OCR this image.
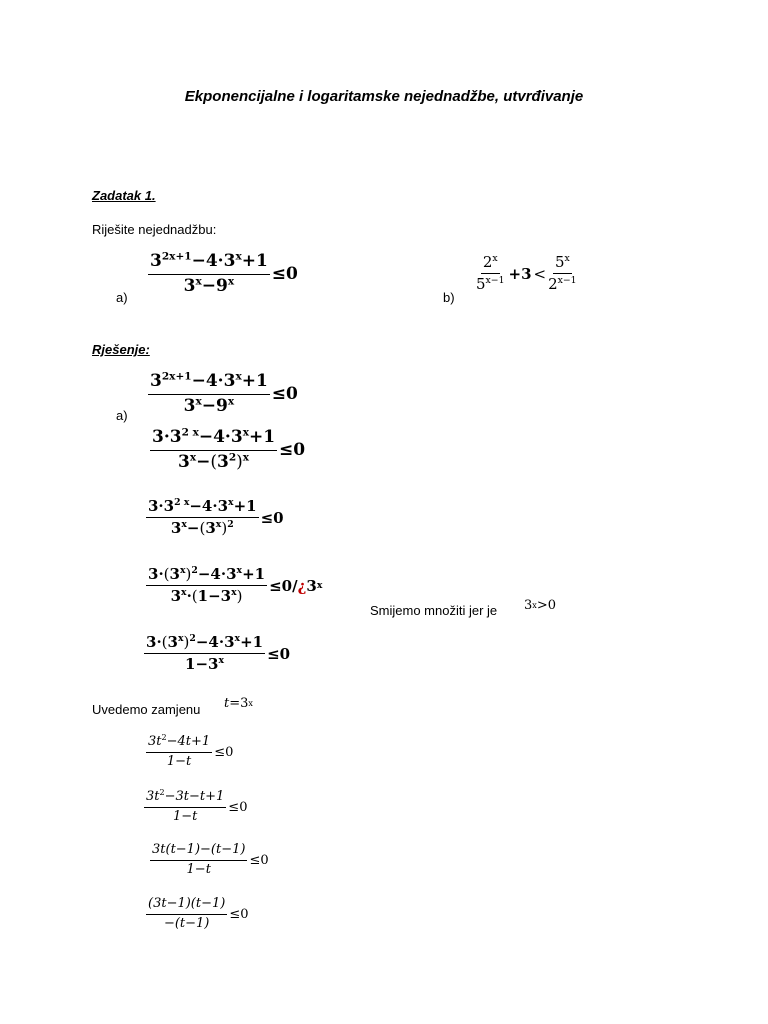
Ekponencijalne i logaritamske nejednadžbe, utvrđivanje
Zadatak 1.
Riješite nejednadžbu:
a)
$\frac{3^{2x+1}-4\cdot 3^x+1}{3^x-9^x} \le 0$
b)
$\frac{2^x}{5^{x-1}} +3 < \frac{5^x}{2^{x-1}}$
Rješenje:
$a) \frac{3^{2x+1}-4\cdot 3^x+1}{3^x-9^x} \le 0$
$\frac{3\cdot 3^{2 x}-4\cdot 3^x+1}{3^x-(3^2)^x} \le 0$
$\frac{3\cdot 3^{2 x}-4\cdot 3^x+1}{3^x-(3^x)^2} \le 0$
$\frac{3\cdot(3^x)^2-4\cdot 3^x+1}{3^x\cdot(1-3^x)} \le 0$ / ¿ 3 x
Smijemo množiti jer je 3 x >0
$\frac{3\cdot(3^x)^2-4\cdot 3^x+1}{1-3^x} \le 0$
Uvedemo zamjenu t= 3 x
$\frac{3t^2-4t+1}{1-t} \le 0$
$\frac{3t^2-3t-t+1}{1-t} \le 0$
$\frac{3t(t-1)-(t-1)}{1-t} \le 0$
$\frac{(3t-1)(t-1)}{-(t-1)} \le 0$
